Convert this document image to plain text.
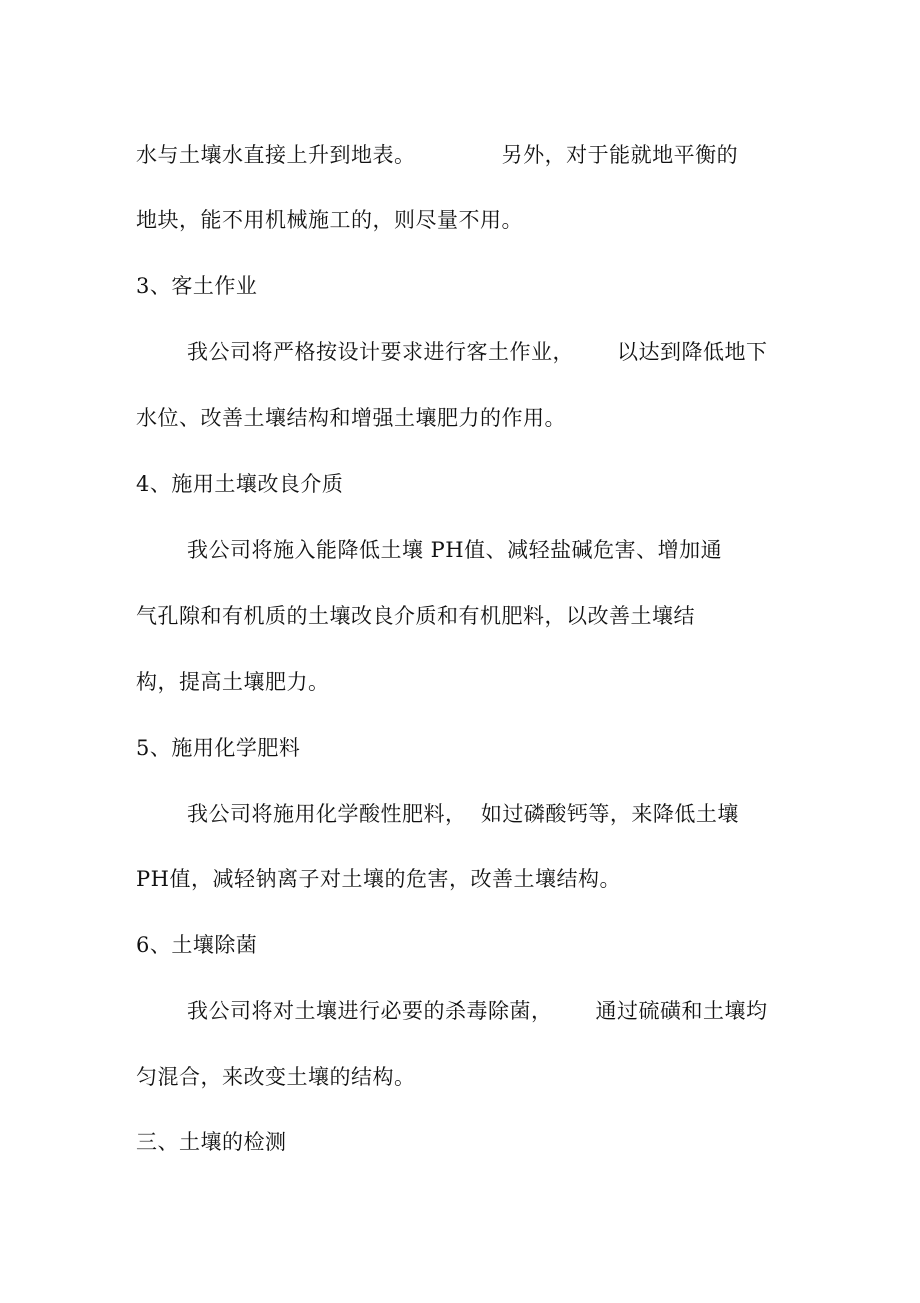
水与土壤水直接上升到地表。            另外，对于能就地平衡的
地块，能不用机械施工的，则尽量不用。
3、客土作业
我公司将严格按设计要求进行客土作业，      以达到降低地下
水位、改善土壤结构和增强土壤肥力的作用。
4、施用土壤改良介质
我公司将施入能降低土壤 PH值、减轻盐碱危害、增加通
气孔隙和有机质的土壤改良介质和有机肥料，以改善土壤结
构，提高土壤肥力。
5、施用化学肥料
我公司将施用化学酸性肥料，  如过磷酸钙等，来降低土壤
PH值，减轻钠离子对土壤的危害，改善土壤结构。
6、土壤除菌
我公司将对土壤进行必要的杀毒除菌，      通过硫磺和土壤均
匀混合，来改变土壤的结构。
三、土壤的检测
